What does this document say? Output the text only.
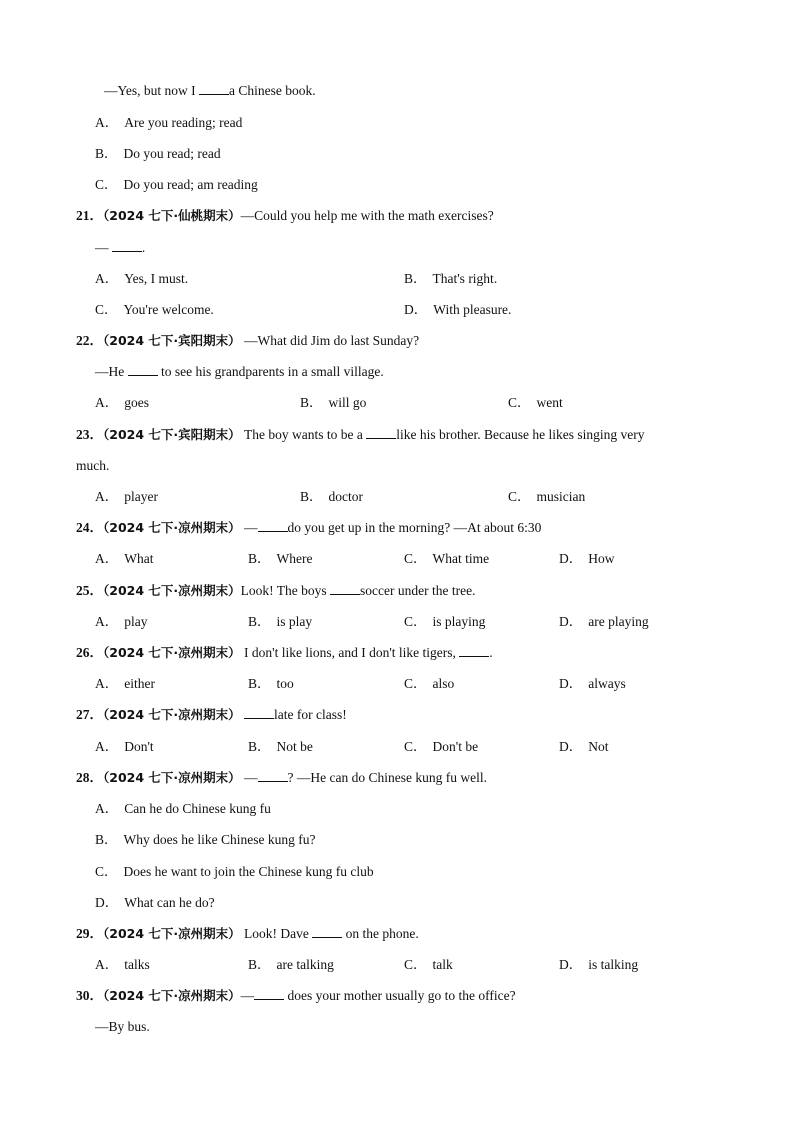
—Yes, but now I a Chinese book.
A． Are you reading; read
B． Do you read; read
C． Do you read; am reading
21．（2024 七下·仙桃期末）—Could you help me with the math exercises?
— .
A． Yes, I must.	B． That's right.
C． You're welcome.	D． With pleasure.
22．（2024 七下·宾阳期末） —What did Jim do last Sunday?
—He	to see his grandparents in a small village.
A． goes	B． will go	C． went
23．（2024 七下·宾阳期末） The boy wants to be a like his brother. Because he likes singing very
much.
A． player	B． doctor	C． musician
24．（2024 七下·凉州期末） — do you get up in the morning? —At about 6:30
A． What	B． Where	C． What time	D． How
25．（2024 七下·凉州期末）Look! The boys soccer under the tree.
A． play	B． is play	C． is playing	D． are playing
26．（2024 七下·凉州期末） I don't like lions, and I don't like tigers, .
A． either	B． too	C． also	D． always
27．（2024 七下·凉州期末） late for class!
A． Don't	B． Not be	C． Don't be	D． Not
28．（2024 七下·凉州期末） — ? —He can do Chinese kung fu well.
A． Can he do Chinese kung fu
B． Why does he like Chinese kung fu?
C． Does he want to join the Chinese kung fu club
D． What can he do?
29．（2024 七下·凉州期末） Look! Dave	on the phone.
A． talks	B． are talking	C． talk	D． is talking
30．（2024 七下·凉州期末）— does your mother usually go to the office?
—By bus.
